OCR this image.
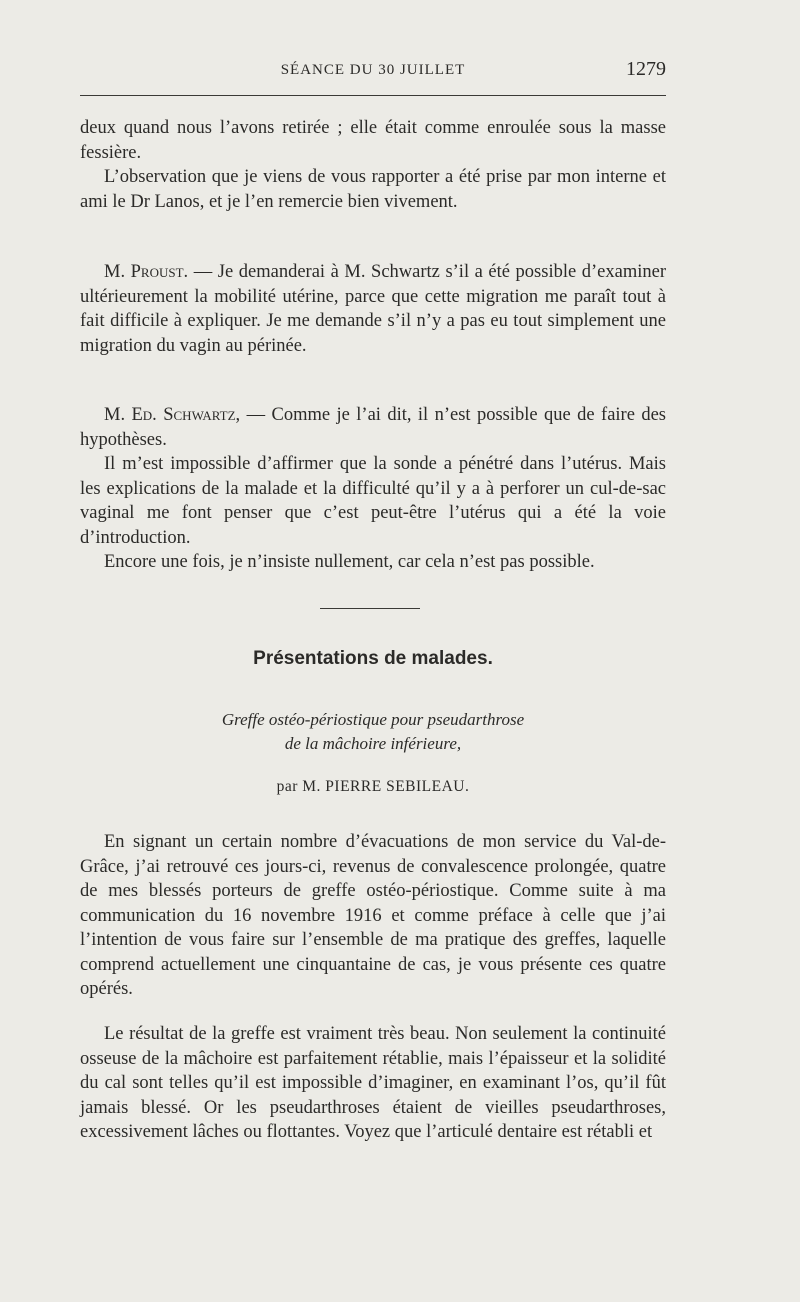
SÉANCE DU 30 JUILLET	1279

deux quand nous l’avons retirée ; elle était comme enroulée sous la masse fessière.

L’observation que je viens de vous rapporter a été prise par mon interne et ami le Dr Lanos, et je l’en remercie bien vivement.

M. Proust. — Je demanderai à M. Schwartz s’il a été possible d’examiner ultérieurement la mobilité utérine, parce que cette migration me paraît tout à fait difficile à expliquer. Je me demande s’il n’y a pas eu tout simplement une migration du vagin au périnée.

M. Ed. Schwartz, — Comme je l’ai dit, il n’est possible que de faire des hypothèses.

Il m’est impossible d’affirmer que la sonde a pénétré dans l’utérus. Mais les explications de la malade et la difficulté qu’il y a à perforer un cul-de-sac vaginal me font penser que c’est peut-être l’utérus qui a été la voie d’introduction.

Encore une fois, je n’insiste nullement, car cela n’est pas possible.

Présentations de malades.
Greffe ostéo-périostique pour pseudarthrose
de la mâchoire inférieure,
par M. PIERRE SEBILEAU.

En signant un certain nombre d’évacuations de mon service du Val-de-Grâce, j’ai retrouvé ces jours-ci, revenus de convalescence prolongée, quatre de mes blessés porteurs de greffe ostéo-périostique. Comme suite à ma communication du 16 novembre 1916 et comme préface à celle que j’ai l’intention de vous faire sur l’ensemble de ma pratique des greffes, laquelle comprend actuellement une cinquantaine de cas, je vous présente ces quatre opérés.

Le résultat de la greffe est vraiment très beau. Non seulement la continuité osseuse de la mâchoire est parfaitement rétablie, mais l’épaisseur et la solidité du cal sont telles qu’il est impossible d’imaginer, en examinant l’os, qu’il fût jamais blessé. Or les pseudarthroses étaient de vieilles pseudarthroses, excessivement lâches ou flottantes. Voyez que l’articulé dentaire est rétabli et
